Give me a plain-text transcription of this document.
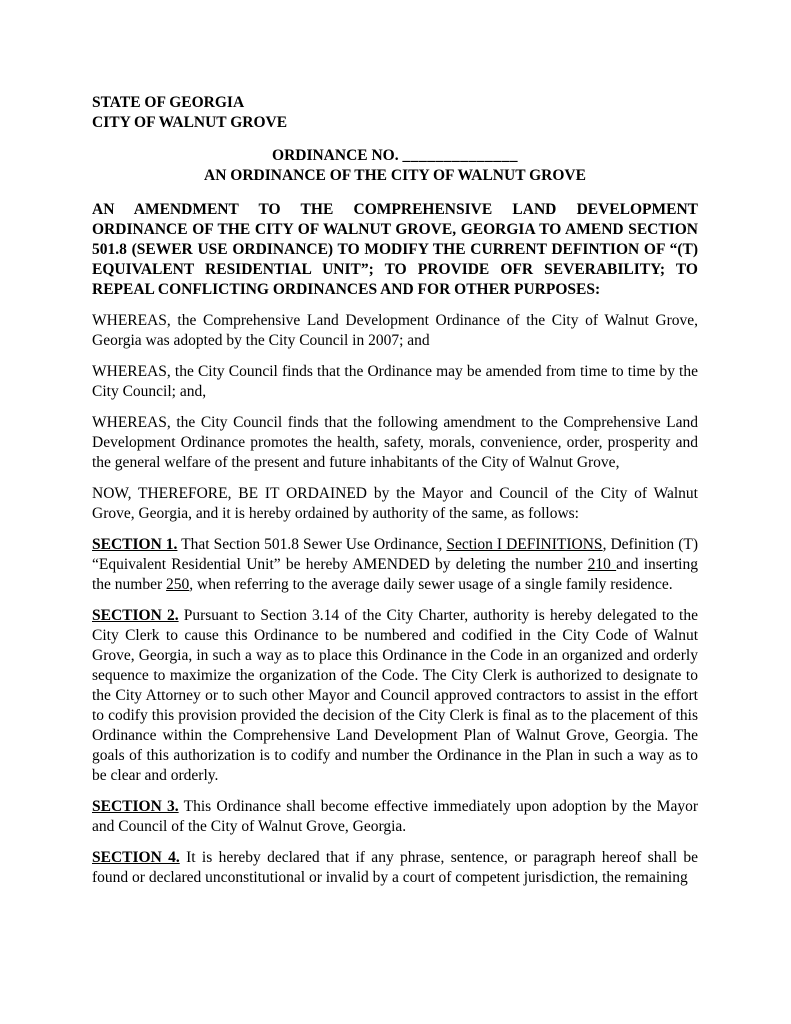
STATE OF GEORGIA

CITY OF WALNUT GROVE

ORDINANCE NO. ______________

AN ORDINANCE OF THE CITY OF WALNUT GROVE

AN AMENDMENT TO THE COMPREHENSIVE LAND DEVELOPMENT ORDINANCE OF THE CITY OF WALNUT GROVE, GEORGIA TO AMEND SECTION 501.8 (SEWER USE ORDINANCE) TO MODIFY THE CURRENT DEFINTION OF “(T) EQUIVALENT RESIDENTIAL UNIT”; TO PROVIDE OFR SEVERABILITY; TO REPEAL CONFLICTING ORDINANCES AND FOR OTHER PURPOSES:

WHEREAS, the Comprehensive Land Development Ordinance of the City of Walnut Grove, Georgia was adopted by the City Council in 2007; and

WHEREAS, the City Council finds that the Ordinance may be amended from time to time by the City Council; and,

WHEREAS, the City Council finds that the following amendment to the Comprehensive Land Development Ordinance promotes the health, safety, morals, convenience, order, prosperity and the general welfare of the present and future inhabitants of the City of Walnut Grove,

NOW, THEREFORE, BE IT ORDAINED by the Mayor and Council of the City of Walnut Grove, Georgia, and it is hereby ordained by authority of the same, as follows:

SECTION 1. That Section 501.8 Sewer Use Ordinance, Section I DEFINITIONS, Definition (T) “Equivalent Residential Unit” be hereby AMENDED by deleting the number 210 and inserting the number 250, when referring to the average daily sewer usage of a single family residence.

SECTION 2. Pursuant to Section 3.14 of the City Charter, authority is hereby delegated to the City Clerk to cause this Ordinance to be numbered and codified in the City Code of Walnut Grove, Georgia, in such a way as to place this Ordinance in the Code in an organized and orderly sequence to maximize the organization of the Code. The City Clerk is authorized to designate to the City Attorney or to such other Mayor and Council approved contractors to assist in the effort to codify this provision provided the decision of the City Clerk is final as to the placement of this Ordinance within the Comprehensive Land Development Plan of Walnut Grove, Georgia. The goals of this authorization is to codify and number the Ordinance in the Plan in such a way as to be clear and orderly.

SECTION 3. This Ordinance shall become effective immediately upon adoption by the Mayor and Council of the City of Walnut Grove, Georgia.

SECTION 4. It is hereby declared that if any phrase, sentence, or paragraph hereof shall be found or declared unconstitutional or invalid by a court of competent jurisdiction, the remaining
